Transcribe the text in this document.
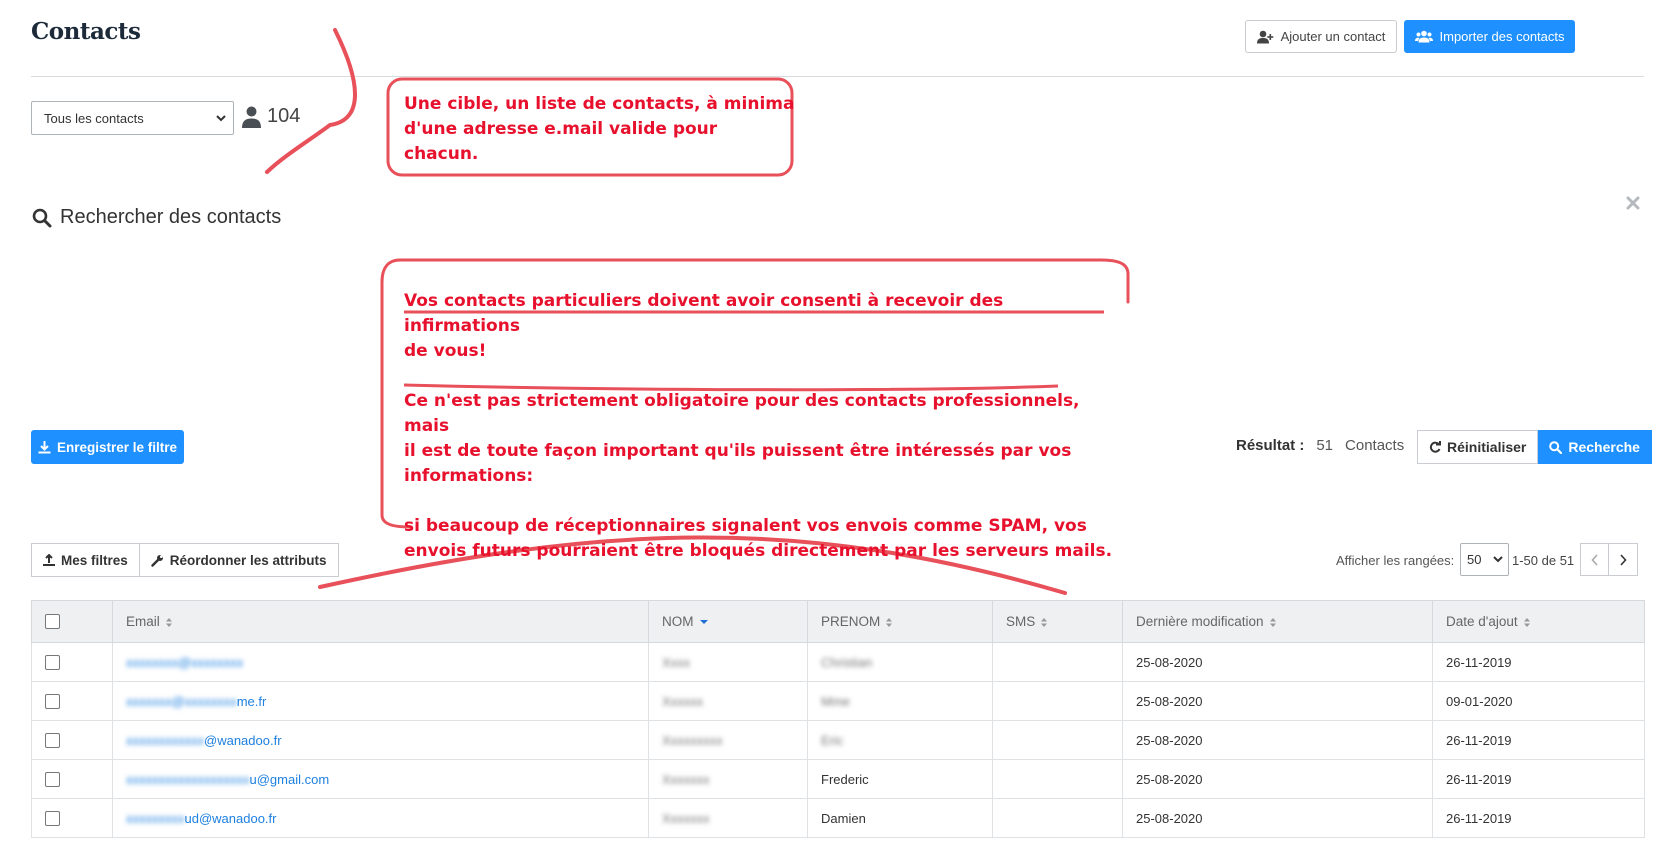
Contacts	Ajouter un contact	Importer des contacts
Tous les contacts	104
Rechercher des contacts
Enregistrer le filtre	Résultat : 51 Contacts	Réinitialiser	Recherche
Mes filtres	Réordonner les attributs	Afficher les rangées: 50 1-50 de 51
	Email	NOM	PRENOM	SMS	Dernière modification	Date d'ajout
	xxxxxxxx@xxxxxxxx	Xxxx	Christian		25-08-2020	26-11-2019
	xxxxxxx@xxxxxxxxme.fr	Xxxxxx	Mme		25-08-2020	09-01-2020
	xxxxxxxxxxxx@wanadoo.fr	Xxxxxxxxx	Eric		25-08-2020	26-11-2019
	xxxxxxxxxxxxxxxxxxxu@gmail.com	Xxxxxxx	Frederic		25-08-2020	26-11-2019
	xxxxxxxxxud@wanadoo.fr	Xxxxxxx	Damien		25-08-2020	26-11-2019

Une cible, un liste de contacts, à minima

d'une adresse e.mail valide pour

chacun.

Vos contacts particuliers doivent avoir consenti à recevoir des infirmations

de vous!

Ce n'est pas strictement obligatoire pour des contacts professionnels, mais

il est de toute façon important qu'ils puissent être intéressés par vos

informations:

si beaucoup de réceptionnaires signalent vos envois comme SPAM, vos

envois futurs pourraient être bloqués directement par les serveurs mails.
